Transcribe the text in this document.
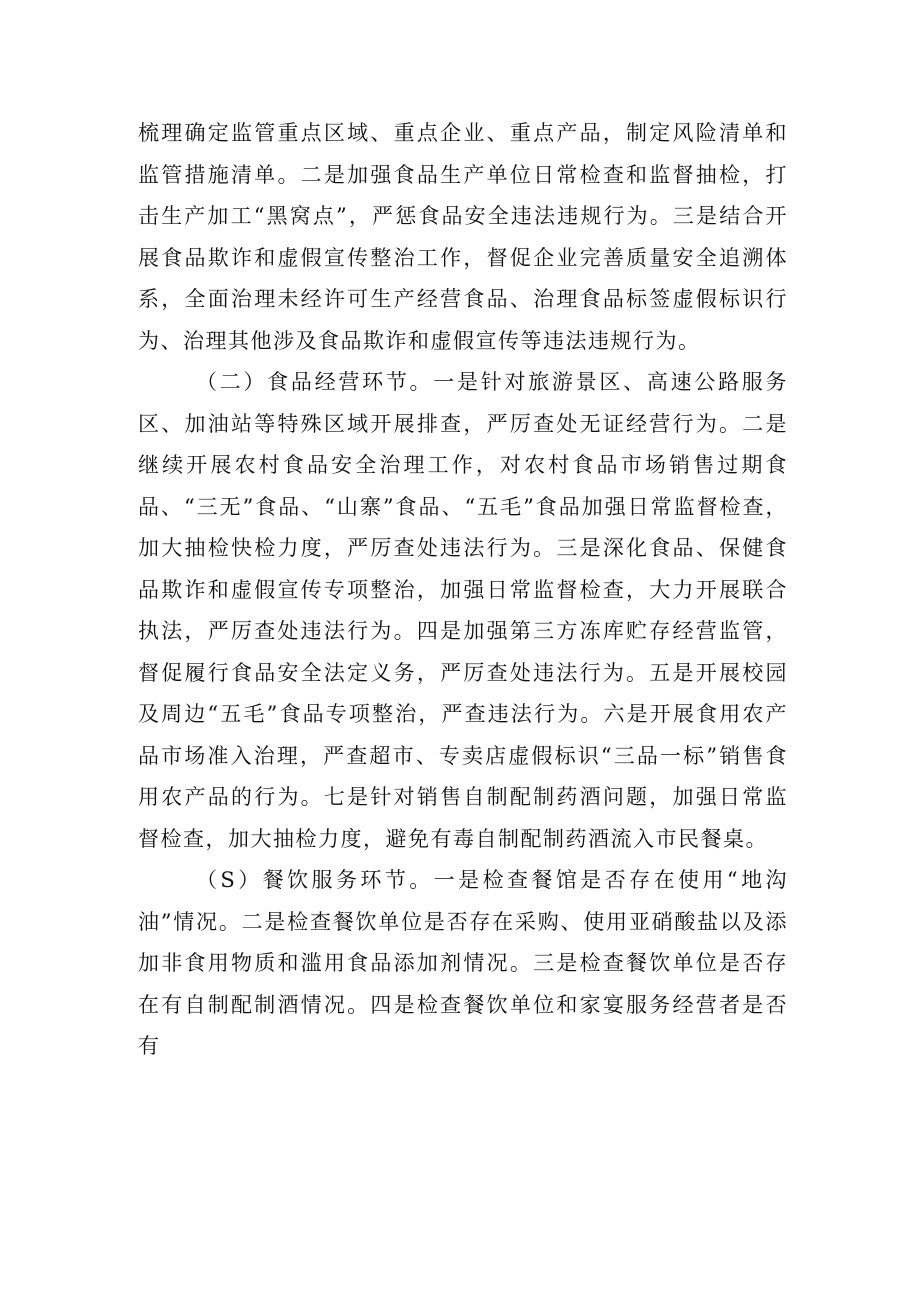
梳理确定监管重点区域、重点企业、重点产品，制定风险清单和监管措施清单。二是加强食品生产单位日常检查和监督抽检，打击生产加工“黑窝点”，严惩食品安全违法违规行为。三是结合开展食品欺诈和虚假宣传整治工作，督促企业完善质量安全追溯体系，全面治理未经许可生产经营食品、治理食品标签虚假标识行为、治理其他涉及食品欺诈和虚假宣传等违法违规行为。

（二）食品经营环节。一是针对旅游景区、高速公路服务区、加油站等特殊区域开展排查，严厉查处无证经营行为。二是继续开展农村食品安全治理工作，对农村食品市场销售过期食品、“三无”食品、“山寨”食品、“五毛”食品加强日常监督检查，加大抽检快检力度，严厉查处违法行为。三是深化食品、保健食品欺诈和虚假宣传专项整治，加强日常监督检查，大力开展联合执法，严厉查处违法行为。四是加强第三方冻库贮存经营监管，督促履行食品安全法定义务，严厉查处违法行为。五是开展校园及周边“五毛”食品专项整治，严查违法行为。六是开展食用农产品市场准入治理，严查超市、专卖店虚假标识“三品一标”销售食用农产品的行为。七是针对销售自制配制药酒问题，加强日常监督检查，加大抽检力度，避免有毒自制配制药酒流入市民餐桌。

（S）餐饮服务环节。一是检查餐馆是否存在使用“地沟油”情况。二是检查餐饮单位是否存在采购、使用亚硝酸盐以及添加非食用物质和滥用食品添加剂情况。三是检查餐饮单位是否存在有自制配制酒情况。四是检查餐饮单位和家宴服务经营者是否有
